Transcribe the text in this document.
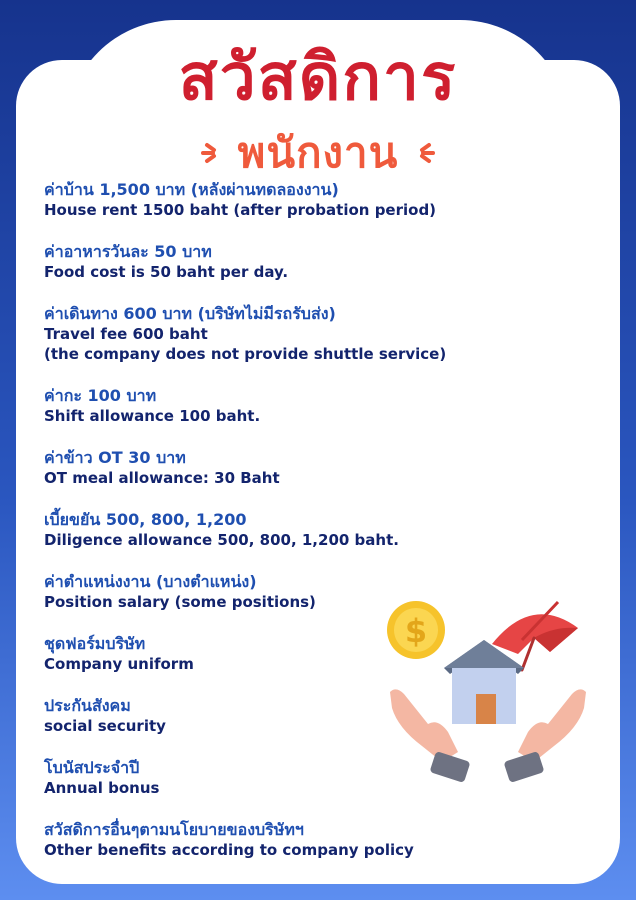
สวัสดิการ
พนักงาน
ค่าบ้าน 1,500 บาท (หลังผ่านทดลองงาน)
House rent 1500 baht (after probation period)
ค่าอาหารวันละ 50 บาท
Food cost is 50 baht per day.
ค่าเดินทาง 600 บาท (บริษัทไม่มีรถรับส่ง)
Travel fee 600 baht
(the company does not provide shuttle service)
ค่ากะ 100 บาท
Shift allowance 100 baht.
ค่าข้าว OT 30 บาท
OT meal allowance: 30 Baht
เบี้ยขยัน 500, 800, 1,200
Diligence allowance 500, 800, 1,200 baht.
ค่าตำแหน่งงาน (บางตำแหน่ง)
Position salary (some positions)
ชุดฟอร์มบริษัท
Company uniform
ประกันสังคม
social security
โบนัสประจำปี
Annual bonus
สวัสดิการอื่นๆตามนโยบายของบริษัทฯ
Other benefits according to company policy
$
